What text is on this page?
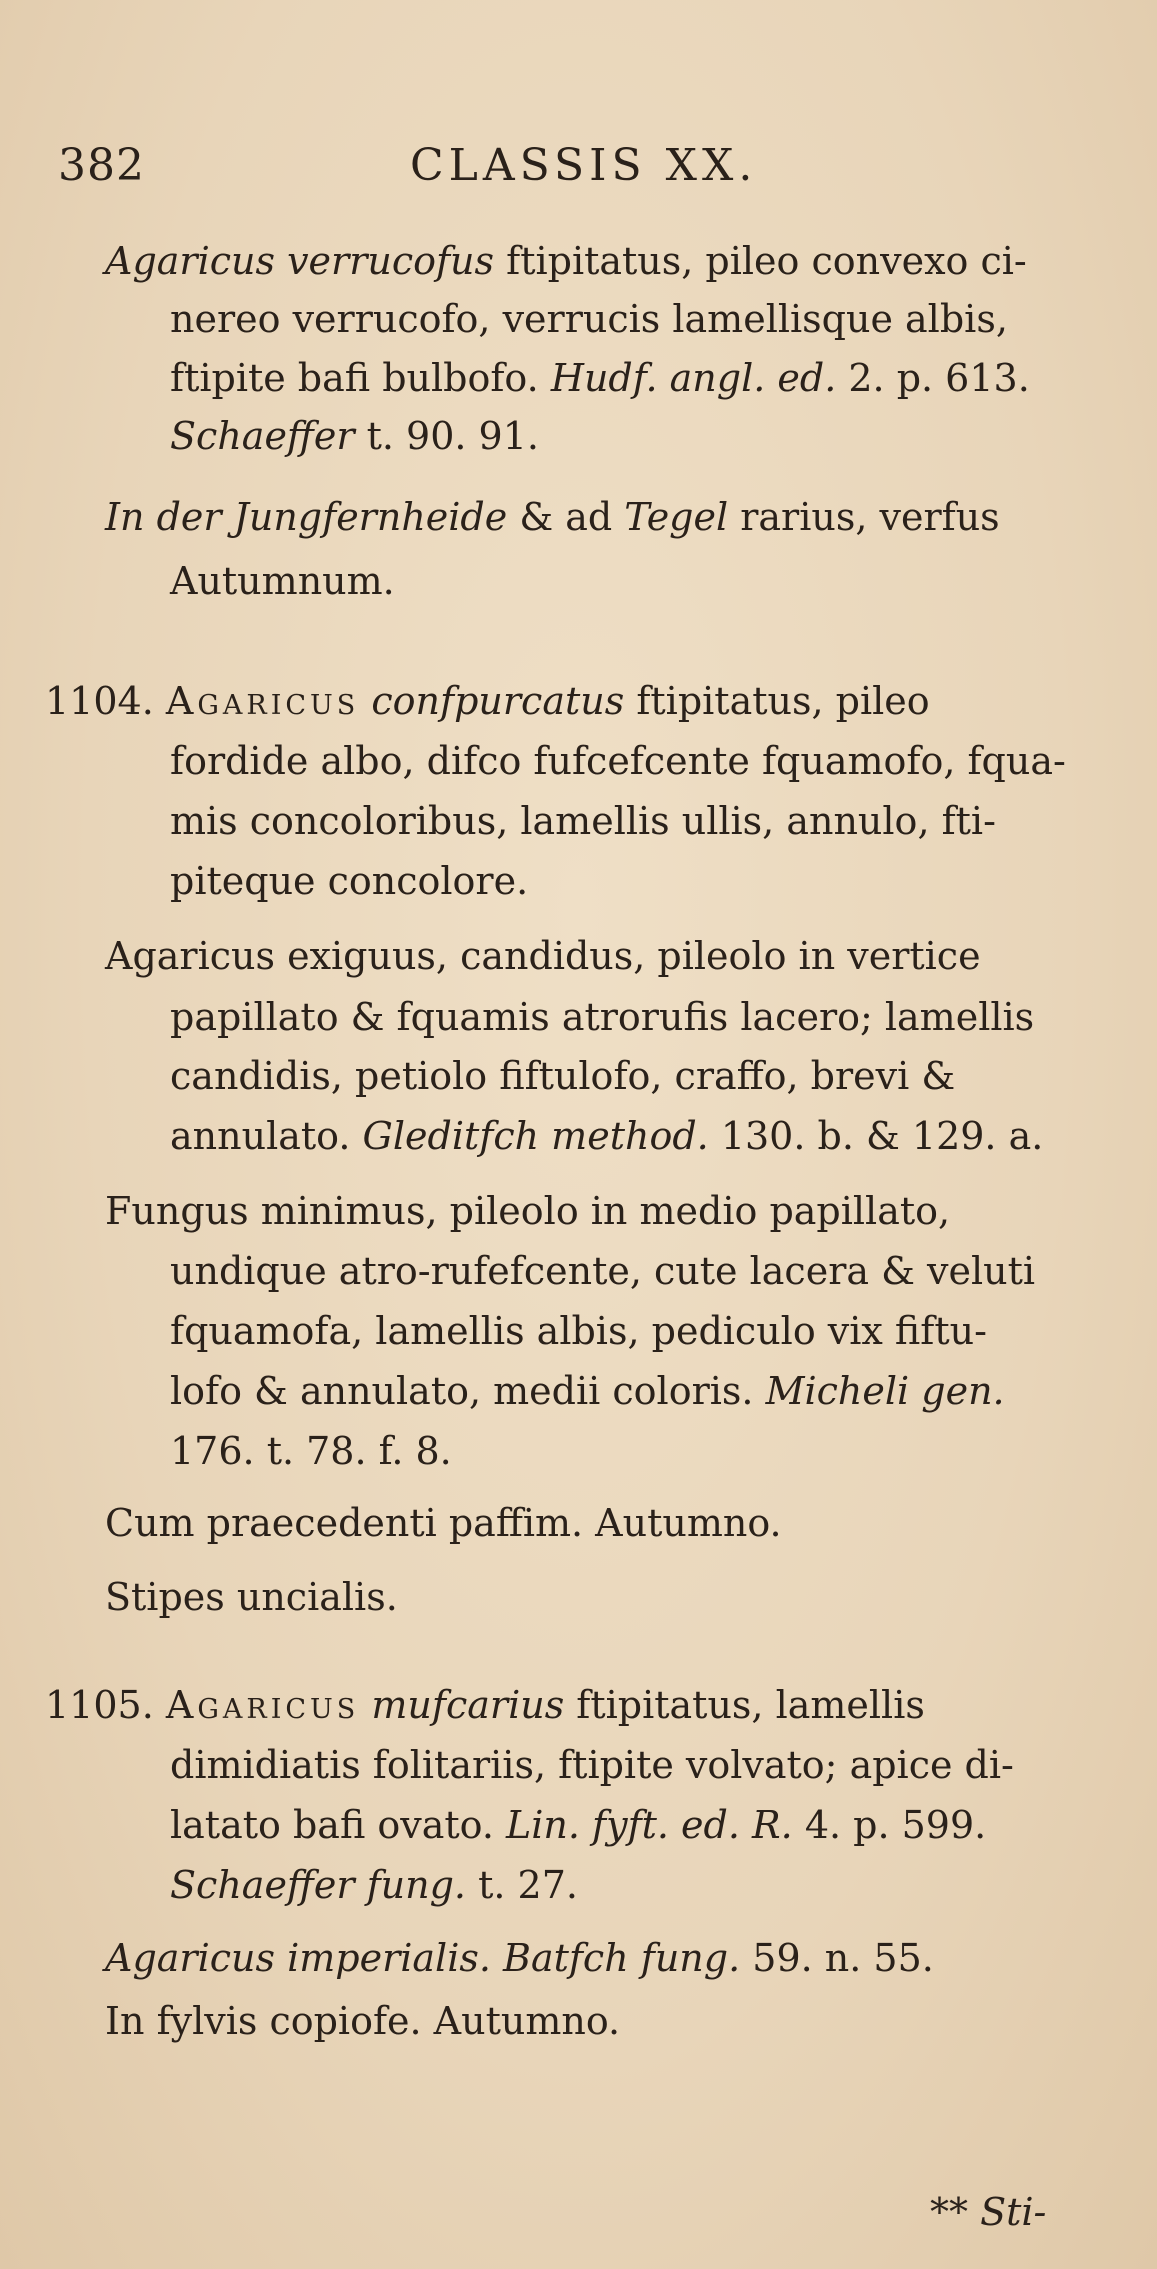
382	CLASSIS XX.
Agaricus verrucofus ftipitatus, pileo convexo ci-
nereo verrucofo, verrucis lamellisque albis,
ftipite bafi bulbofo. Hudf. angl. ed. 2. p. 613.
Schaeffer t. 90. 91.
In der Jungfernheide & ad Tegel rarius, verfus
Autumnum.
1104. Agaricus confpurcatus ftipitatus, pileo
fordide albo, difco fufcefcente fquamofo, fqua-
mis concoloribus, lamellis ullis, annulo, fti-
piteque concolore.
Agaricus exiguus, candidus, pileolo in vertice
papillato & fquamis atrorufis lacero; lamellis
candidis, petiolo fiftulofo, craffo, brevi &
annulato. Gleditfch method. 130. b. & 129. a.
Fungus minimus, pileolo in medio papillato,
undique atro-rufefcente, cute lacera & veluti
fquamofa, lamellis albis, pediculo vix fiftu-
lofo & annulato, medii coloris. Micheli gen.
176. t. 78. f. 8.
Cum praecedenti paffim. Autumno.
Stipes uncialis.
1105. Agaricus mufcarius ftipitatus, lamellis
dimidiatis folitariis, ftipite volvato; apice di-
latato bafi ovato. Lin. fyft. ed. R. 4. p. 599.
Schaeffer fung. t. 27.
Agaricus imperialis. Batfch fung. 59. n. 55.
In fylvis copiofe. Autumno.
** Sti-
